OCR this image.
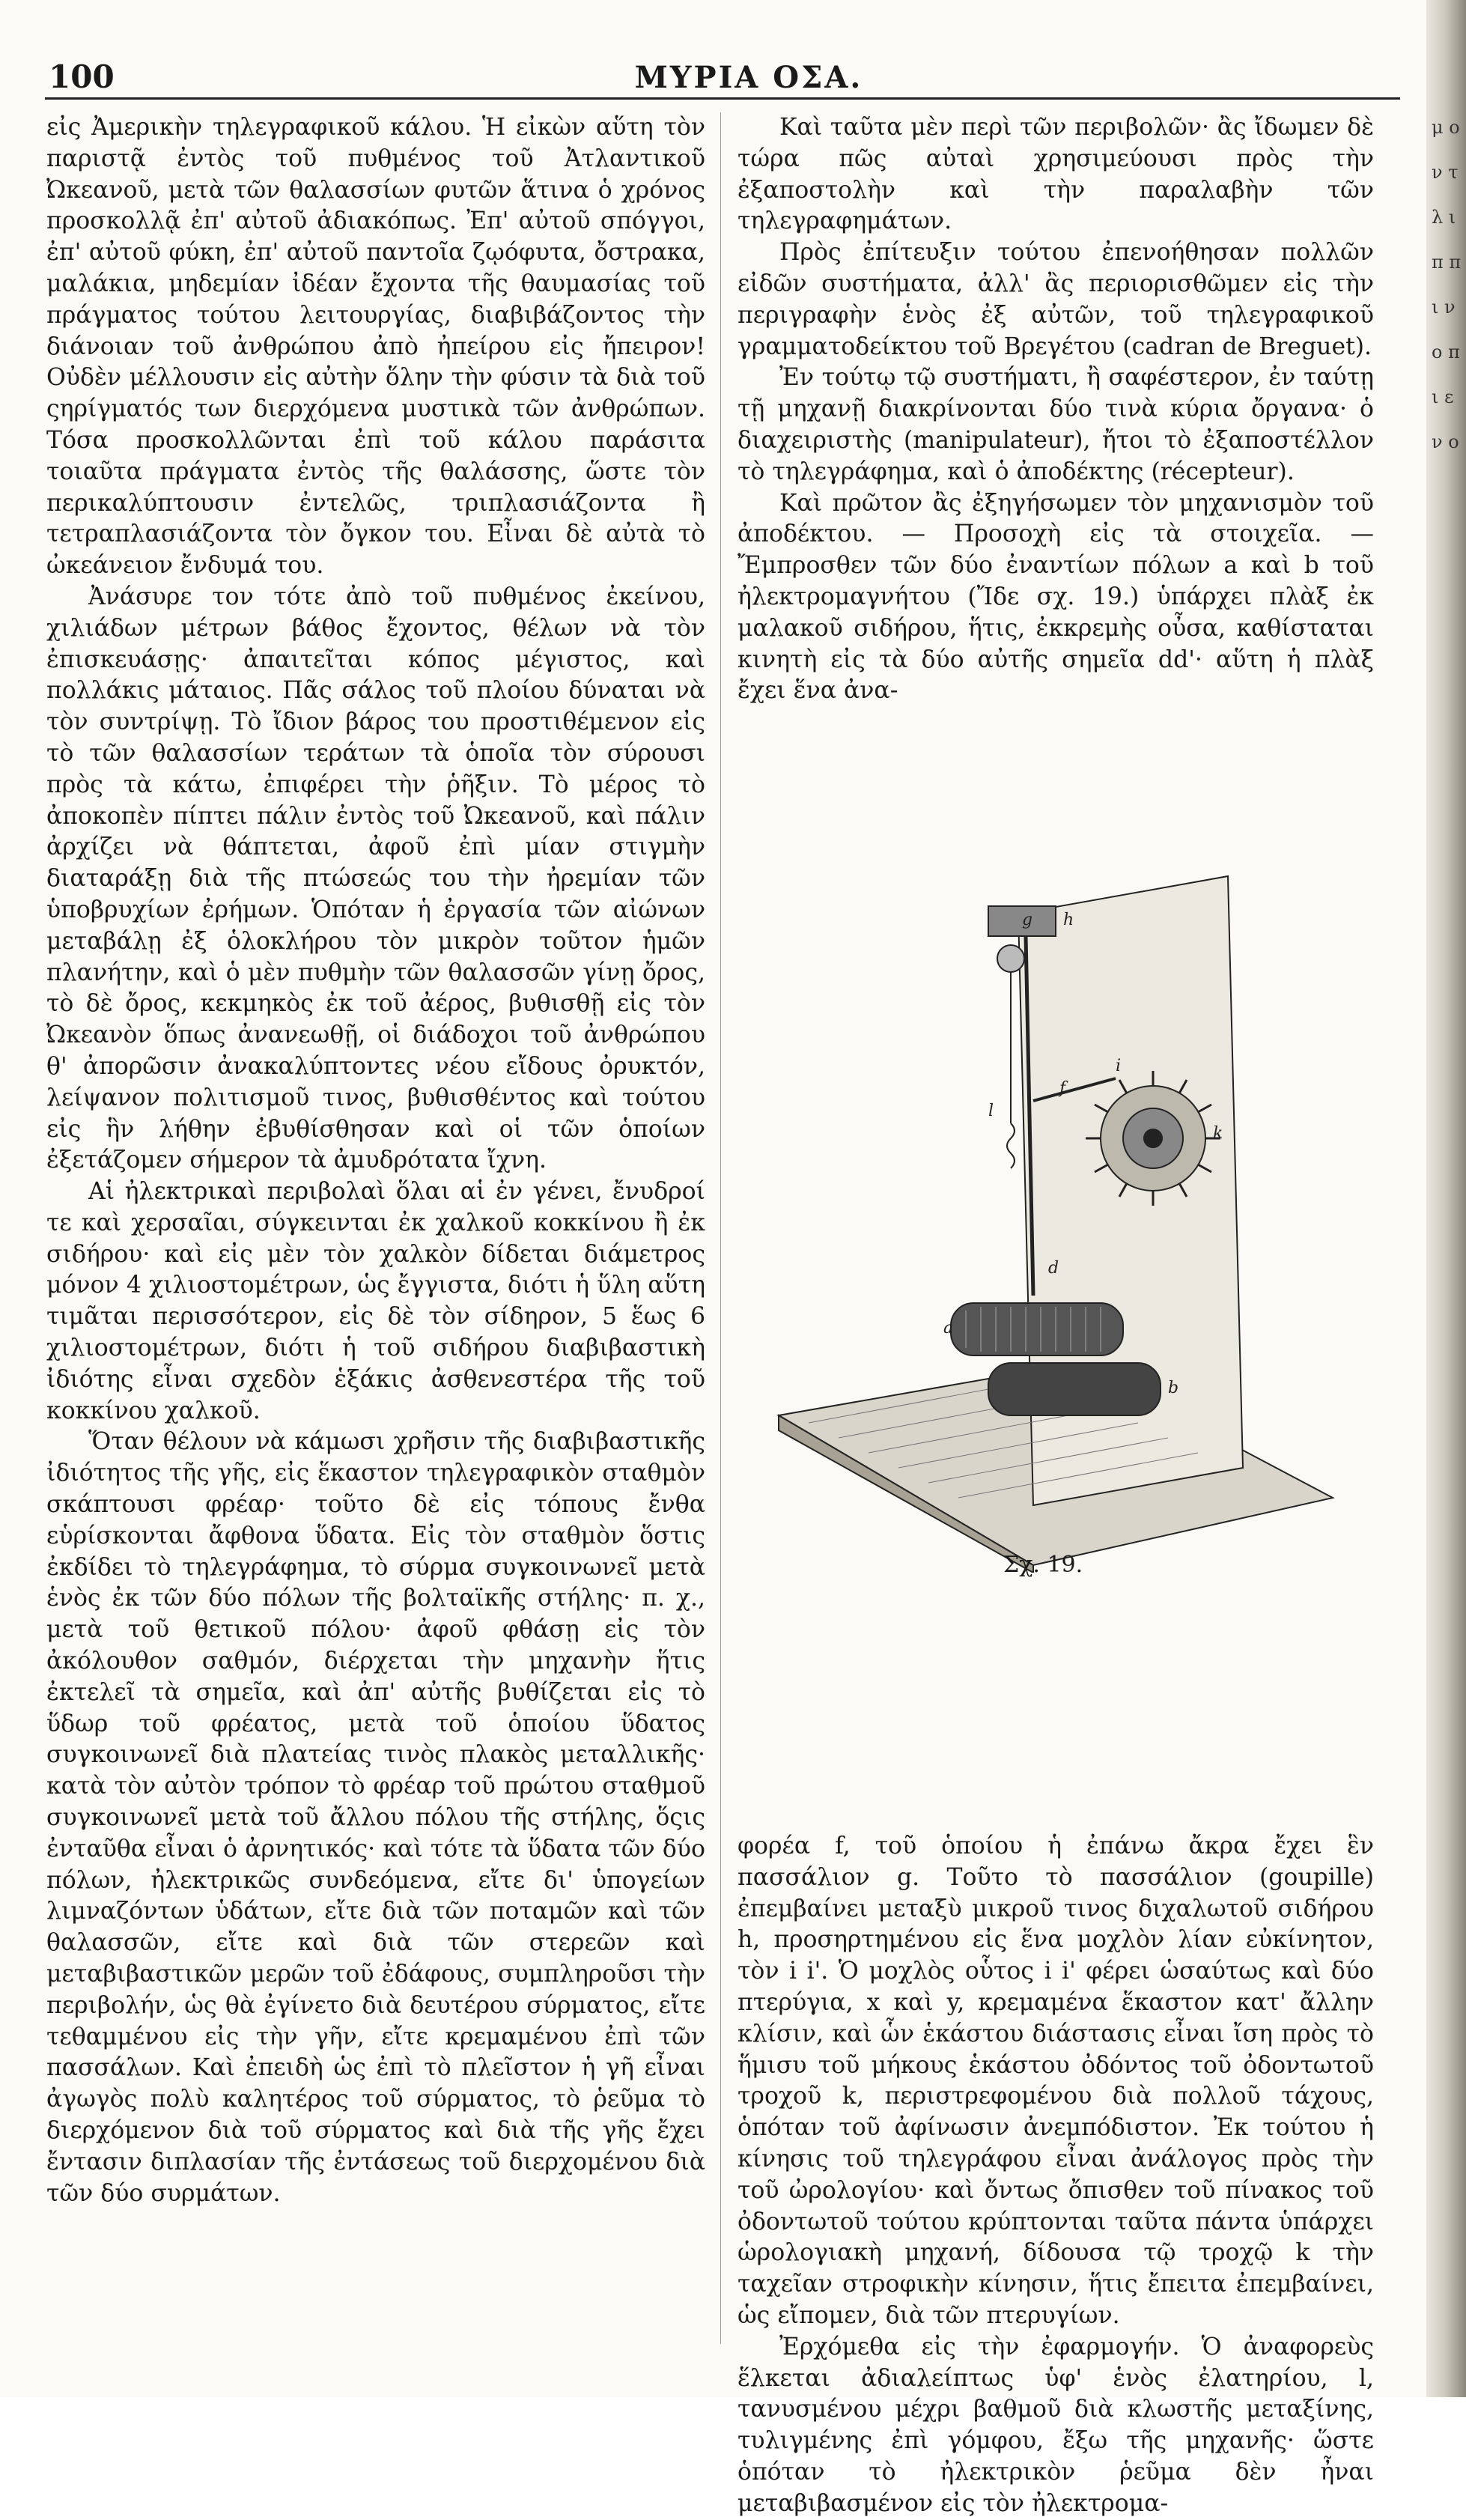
100	ΜΥΡΙΑ ΟΣΑ.

εἰς Ἀμερικὴν τηλεγραφικοῦ κάλου. Ἡ εἰκὼν αὕτη τὸν παριστᾷ ἐντὸς τοῦ πυθμένος τοῦ Ἀτλαντικοῦ Ὠκεανοῦ, μετὰ τῶν θαλασσίων φυτῶν ἅτινα ὁ χρόνος προσκολλᾷ ἐπ' αὐτοῦ ἀδιακόπως. Ἐπ' αὐτοῦ σπόγγοι, ἐπ' αὐτοῦ φύκη, ἐπ' αὐτοῦ παντοῖα ζῳόφυτα, ὄστρακα, μαλάκια, μηδεμίαν ἰδέαν ἔχοντα τῆς θαυμασίας τοῦ πράγματος τούτου λειτουργίας, διαβιβάζοντος τὴν διάνοιαν τοῦ ἀνθρώπου ἀπὸ ἠπείρου εἰς ἤπειρον! Οὐδὲν μέλλουσιν εἰς αὐτὴν ὅλην τὴν φύσιν τὰ διὰ τοῦ ςηρίγματός των διερχόμενα μυστικὰ τῶν ἀνθρώπων. Τόσα προσκολλῶνται ἐπὶ τοῦ κάλου παράσιτα τοιαῦτα πράγματα ἐντὸς τῆς θαλάσσης, ὥστε τὸν περικαλύπτουσιν ἐντελῶς, τριπλασιάζοντα ἢ τετραπλασιάζοντα τὸν ὄγκον του. Εἶναι δὲ αὐτὰ τὸ ὠκεάνειον ἔνδυμά του.

Ἀνάσυρε τον τότε ἀπὸ τοῦ πυθμένος ἐκείνου, χιλιάδων μέτρων βάθος ἔχοντος, θέλων νὰ τὸν ἐπισκευάσῃς· ἀπαιτεῖται κόπος μέγιστος, καὶ πολλάκις μάταιος. Πᾶς σάλος τοῦ πλοίου δύναται νὰ τὸν συντρίψῃ. Τὸ ἴδιον βάρος του προστιθέμενον εἰς τὸ τῶν θαλασσίων τεράτων τὰ ὁποῖα τὸν σύρουσι πρὸς τὰ κάτω, ἐπιφέρει τὴν ῥῆξιν. Τὸ μέρος τὸ ἀποκοπὲν πίπτει πάλιν ἐντὸς τοῦ Ὠκεανοῦ, καὶ πάλιν ἀρχίζει νὰ θάπτεται, ἀφοῦ ἐπὶ μίαν στιγμὴν διαταράξῃ διὰ τῆς πτώσεώς του τὴν ἠρεμίαν τῶν ὑποβρυχίων ἐρήμων. Ὁπόταν ἡ ἐργασία τῶν αἰώνων μεταβάλῃ ἐξ ὁλοκλήρου τὸν μικρὸν τοῦτον ἡμῶν πλανήτην, καὶ ὁ μὲν πυθμὴν τῶν θαλασσῶν γίνῃ ὄρος, τὸ δὲ ὄρος, κεκμηκὸς ἐκ τοῦ ἀέρος, βυθισθῇ εἰς τὸν Ὠκεανὸν ὅπως ἀνανεωθῇ, οἱ διάδοχοι τοῦ ἀνθρώπου θ' ἀπορῶσιν ἀνακαλύπτοντες νέου εἴδους ὀρυκτόν, λείψανον πολιτισμοῦ τινος, βυθισθέντος καὶ τούτου εἰς ἣν λήθην ἐβυθίσθησαν καὶ οἱ τῶν ὁποίων ἐξετάζομεν σήμερον τὰ ἀμυδρότατα ἴχνη.

Αἱ ἠλεκτρικαὶ περιβολαὶ ὅλαι αἱ ἐν γένει, ἔνυδροί τε καὶ χερσαῖαι, σύγκεινται ἐκ χαλκοῦ κοκκίνου ἢ ἐκ σιδήρου· καὶ εἰς μὲν τὸν χαλκὸν δίδεται διάμετρος μόνον 4 χιλιοστομέτρων, ὡς ἔγγιστα, διότι ἡ ὕλη αὕτη τιμᾶται περισσότερον, εἰς δὲ τὸν σίδηρον, 5 ἕως 6 χιλιοστομέτρων, διότι ἡ τοῦ σιδήρου διαβιβαστικὴ ἰδιότης εἶναι σχεδὸν ἑξάκις ἀσθενεστέρα τῆς τοῦ κοκκίνου χαλκοῦ.

Ὅταν θέλουν νὰ κάμωσι χρῆσιν τῆς διαβιβαστικῆς ἰδιότητος τῆς γῆς, εἰς ἕκαστον τηλεγραφικὸν σταθμὸν σκάπτουσι φρέαρ· τοῦτο δὲ εἰς τόπους ἔνθα εὑρίσκονται ἄφθονα ὕδατα. Εἰς τὸν σταθμὸν ὅστις ἐκδίδει τὸ τηλεγράφημα, τὸ σύρμα συγκοινωνεῖ μετὰ ἑνὸς ἐκ τῶν δύο πόλων τῆς βολταϊκῆς στήλης· π. χ., μετὰ τοῦ θετικοῦ πόλου· ἀφοῦ φθάσῃ εἰς τὸν ἀκόλουθον σαθμόν, διέρχεται τὴν μηχανὴν ἥτις ἐκτελεῖ τὰ σημεῖα, καὶ ἀπ' αὐτῆς βυθίζεται εἰς τὸ ὕδωρ τοῦ φρέατος, μετὰ τοῦ ὁποίου ὕδατος συγκοινωνεῖ διὰ πλατείας τινὸς πλακὸς μεταλλικῆς· κατὰ τὸν αὐτὸν τρόπον τὸ φρέαρ τοῦ πρώτου σταθμοῦ συγκοινωνεῖ μετὰ τοῦ ἄλλου πόλου τῆς στήλης, ὅςις ἐνταῦθα εἶναι ὁ ἀρνητικός· καὶ τότε τὰ ὕδατα τῶν δύο πόλων, ἠλεκτρικῶς συνδεόμενα, εἴτε δι' ὑπογείων λιμναζόντων ὑδάτων, εἴτε διὰ τῶν ποταμῶν καὶ τῶν θαλασσῶν, εἴτε καὶ διὰ τῶν στερεῶν καὶ μεταβιβαστικῶν μερῶν τοῦ ἐδάφους, συμπληροῦσι τὴν περιβολήν, ὡς θὰ ἐγίνετο διὰ δευτέρου σύρματος, εἴτε τεθαμμένου εἰς τὴν γῆν, εἴτε κρεμαμένου ἐπὶ τῶν πασσάλων. Καὶ ἐπειδὴ ὡς ἐπὶ τὸ πλεῖστον ἡ γῆ εἶναι ἀγωγὸς πολὺ καλητέρος τοῦ σύρματος, τὸ ῥεῦμα τὸ διερχόμενον διὰ τοῦ σύρματος καὶ διὰ τῆς γῆς ἔχει ἔντασιν διπλασίαν τῆς ἐντάσεως τοῦ διερχομένου διὰ τῶν δύο συρμάτων.

Καὶ ταῦτα μὲν περὶ τῶν περιβολῶν· ἂς ἴδωμεν δὲ τώρα πῶς αὐταὶ χρησιμεύουσι πρὸς τὴν ἐξαποστολὴν καὶ τὴν παραλαβὴν τῶν τηλεγραφημάτων.

Πρὸς ἐπίτευξιν τούτου ἐπενοήθησαν πολλῶν εἰδῶν συστήματα, ἀλλ' ἂς περιορισθῶμεν εἰς τὴν περιγραφὴν ἑνὸς ἐξ αὐτῶν, τοῦ τηλεγραφικοῦ γραμματοδείκτου τοῦ Βρεγέτου (cadran de Breguet).

Ἐν τούτῳ τῷ συστήματι, ἢ σαφέστερον, ἐν ταύτῃ τῇ μηχανῇ διακρίνονται δύο τινὰ κύρια ὄργανα· ὁ διαχειριστὴς (manipulateur), ἤτοι τὸ ἐξαποστέλλον τὸ τηλεγράφημα, καὶ ὁ ἀποδέκτης (récepteur).

Καὶ πρῶτον ἂς ἐξηγήσωμεν τὸν μηχανισμὸν τοῦ ἀποδέκτου. — Προσοχὴ εἰς τὰ στοιχεῖα. — Ἔμπροσθεν τῶν δύο ἐναντίων πόλων a καὶ b τοῦ ἠλεκτρομαγνήτου (Ἴδε σχ. 19.) ὑπάρχει πλὰξ ἐκ μαλακοῦ σιδήρου, ἥτις, ἐκκρεμὴς οὖσα, καθίσταται κινητὴ εἰς τὰ δύο αὐτῆς σημεῖα dd'· αὕτη ἡ πλὰξ ἔχει ἕνα ἀνα-

f
g h
k
l
i
d
a
b
Σχ. 19.

φορέα f, τοῦ ὁποίου ἡ ἐπάνω ἄκρα ἔχει ἓν πασσάλιον g. Τοῦτο τὸ πασσάλιον (goupille) ἐπεμβαίνει μεταξὺ μικροῦ τινος διχαλωτοῦ σιδήρου h, προσηρτημένου εἰς ἕνα μοχλὸν λίαν εὐκίνητον, τὸν i i'. Ὁ μοχλὸς οὗτος i i' φέρει ὡσαύτως καὶ δύο πτερύγια, x καὶ y, κρεμαμένα ἕκαστον κατ' ἄλλην κλίσιν, καὶ ὧν ἑκάστου διάστασις εἶναι ἴση πρὸς τὸ ἥμισυ τοῦ μήκους ἑκάστου ὀδόντος τοῦ ὀδοντωτοῦ τροχοῦ k, περιστρεφομένου διὰ πολλοῦ τάχους, ὁπόταν τοῦ ἀφίνωσιν ἀνεμπόδιστον. Ἐκ τούτου ἡ κίνησις τοῦ τηλεγράφου εἶναι ἀνάλογος πρὸς τὴν τοῦ ὠρολογίου· καὶ ὄντως ὄπισθεν τοῦ πίνακος τοῦ ὀδοντωτοῦ τούτου κρύπτονται ταῦτα πάντα ὑπάρχει ὡρολογιακὴ μηχανή, δίδουσα τῷ τροχῷ k τὴν ταχεῖαν στροφικὴν κίνησιν, ἥτις ἔπειτα ἐπεμβαίνει, ὡς εἴπομεν, διὰ τῶν πτερυγίων.

Ἐρχόμεθα εἰς τὴν ἐφαρμογήν. Ὁ ἀναφορεὺς ἕλκεται ἀδιαλείπτως ὑφ' ἑνὸς ἐλατηρίου, l, τανυσμένου μέχρι βαθμοῦ διὰ κλωστῆς μεταξίνης, τυλιγμένης ἐπὶ γόμφου, ἔξω τῆς μηχανῆς· ὥστε ὁπόταν τὸ ἠλεκτρικὸν ῥεῦμα δὲν ἦναι μεταβιβασμένον εἰς τὸν ἠλεκτρομα-

μ ο ν τ λ ι π π ι ν ο π ι ε ν ο
